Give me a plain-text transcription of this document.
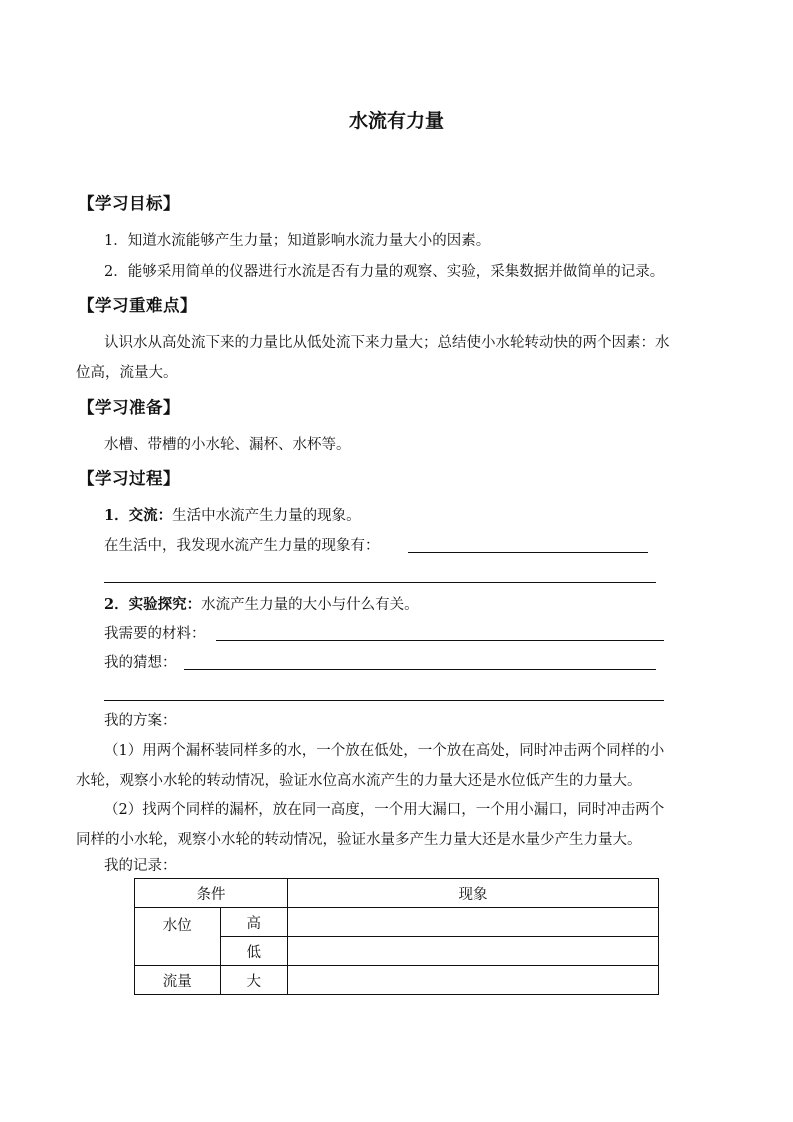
水流有力量
【学习目标】
1．知道水流能够产生力量；知道影响水流力量大小的因素。
2．能够采用简单的仪器进行水流是否有力量的观察、实验，采集数据并做简单的记录。
【学习重难点】
认识水从高处流下来的力量比从低处流下来力量大；总结使小水轮转动快的两个因素：水
位高，流量大。
【学习准备】
水槽、带槽的小水轮、漏杯、水杯等。
【学习过程】
1．交流：生活中水流产生力量的现象。
在生活中，我发现水流产生力量的现象有：
2．实验探究：水流产生力量的大小与什么有关。
我需要的材料：
我的猜想：
我的方案：
（1）用两个漏杯装同样多的水，一个放在低处，一个放在高处，同时冲击两个同样的小
水轮，观察小水轮的转动情况，验证水位高水流产生的力量大还是水位低产生的力量大。
（2）找两个同样的漏杯，放在同一高度，一个用大漏口，一个用小漏口，同时冲击两个
同样的小水轮，观察小水轮的转动情况，验证水量多产生力量大还是水量少产生力量大。
我的记录：
条件		现象
水位	高	
	低	
流量	大	
